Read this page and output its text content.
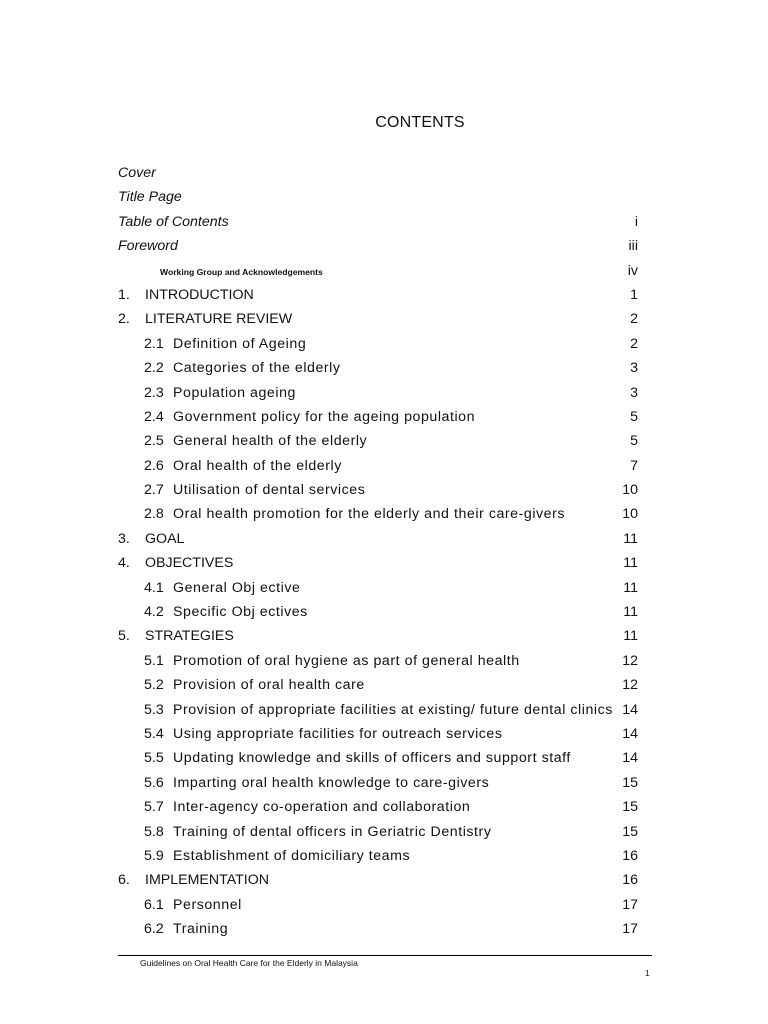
CONTENTS
Cover
Title Page
Table of Contents	i
Foreword	iii
Working Group and Acknowledgements	iv
1. INTRODUCTION	1
2. LITERATURE REVIEW	2
2.1 Definition of Ageing	2
2.2 Categories of the elderly	3
2.3 Population ageing	3
2.4 Government policy for the ageing population	5
2.5 General health of the elderly	5
2.6 Oral health of the elderly	7
2.7 Utilisation of dental services	10
2.8 Oral health promotion for the elderly and their care-givers	10
3. GOAL	11
4. OBJECTIVES	11
4.1 General Obj ective	11
4.2 Specific Obj ectives	11
5. STRATEGIES	11
5.1 Promotion of oral hygiene as part of general health	12
5.2 Provision of oral health care	12
5.3 Provision of appropriate facilities at existing/ future dental clinics 14
5.4 Using appropriate facilities for outreach services	14
5.5 Updating knowledge and skills of officers and support staff	14
5.6 Imparting oral health knowledge to care-givers	15
5.7 Inter-agency co-operation and collaboration	15
5.8 Training of dental officers in Geriatric Dentistry	15
5.9 Establishment of domiciliary teams	16
6. IMPLEMENTATION	16
6.1 Personnel	17
6.2 Training	17
Guidelines on Oral Health Care for the Elderly in Malaysia
1
